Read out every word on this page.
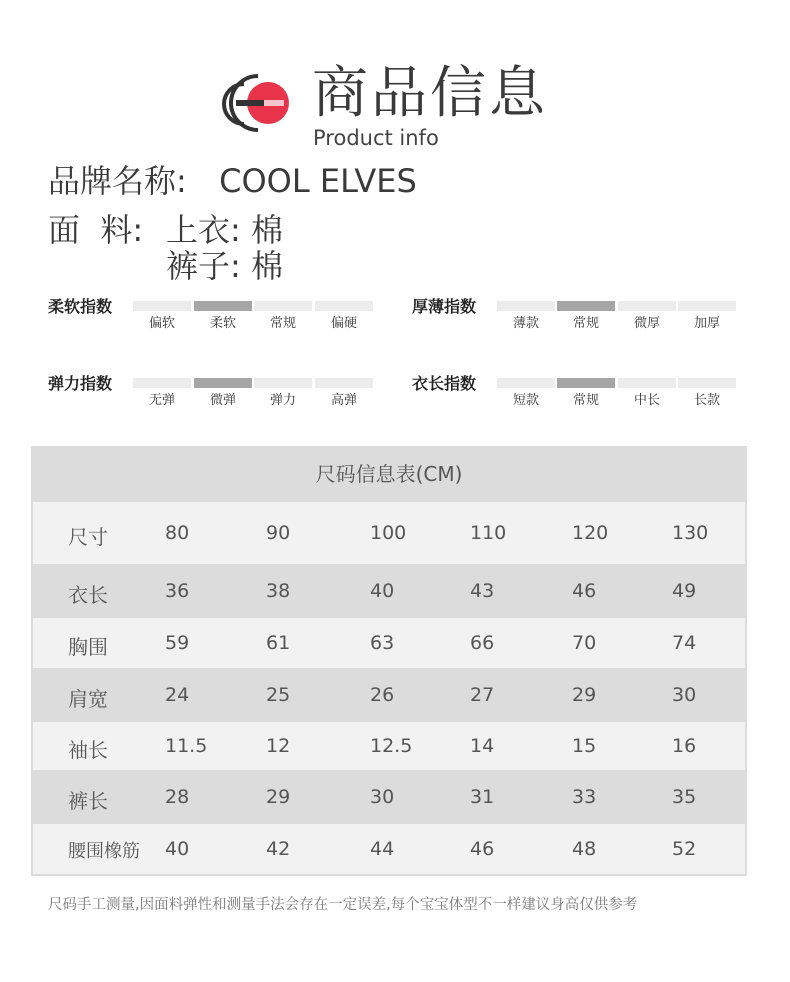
商品信息
Product info
品牌名称: COOL ELVES
面  料: 上衣: 棉
裤子: 棉
柔软指数
偏软	柔软	常规	偏硬
厚薄指数
薄款	常规	微厚	加厚
弹力指数
无弹	微弹	弹力	高弹
衣长指数
短款	常规	中长	长款
尺码信息表(CM)
尺寸	80	90	100	110	120	130
衣长	36	38	40	43	46	49
胸围	59	61	63	66	70	74
肩宽	24	25	26	27	29	30
袖长	11.5	12	12.5	14	15	16
裤长	28	29	30	31	33	35
腰围橡筋 40	42	44	46	48	52
尺码手工测量,因面料弹性和测量手法会存在一定误差,每个宝宝体型不一样建议身高仅供参考
